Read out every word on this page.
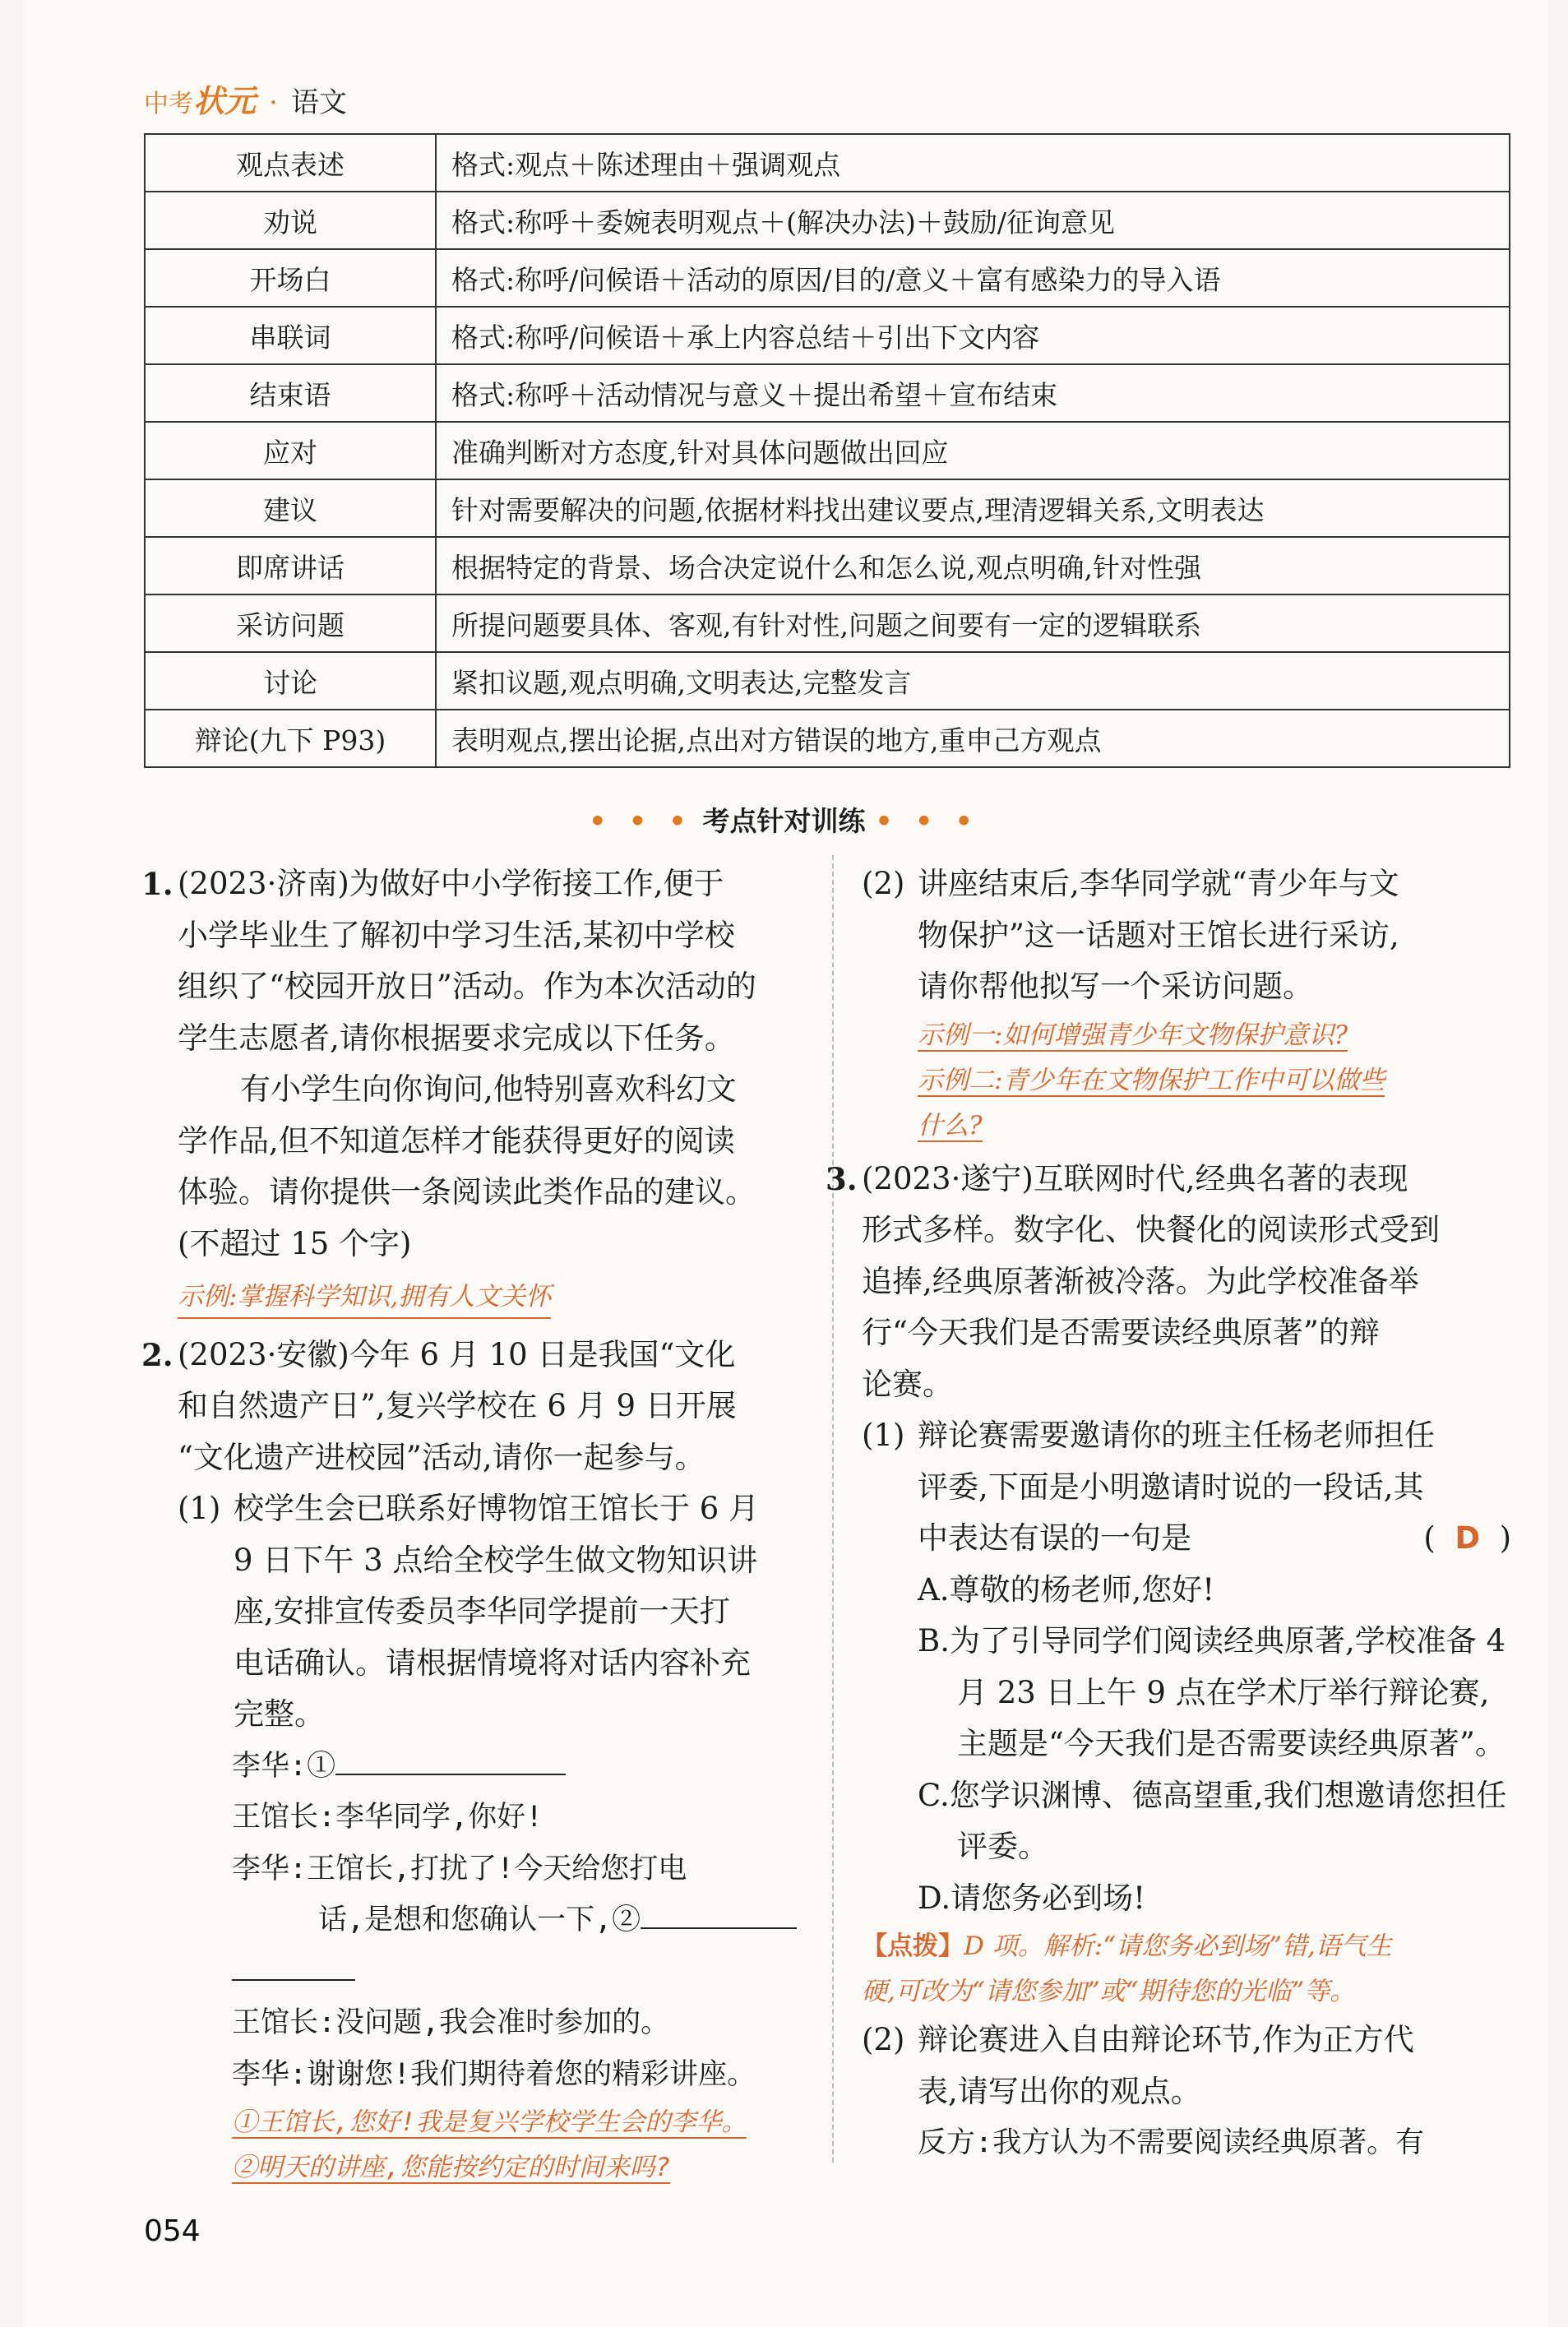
中考状元 · 语文
观点表述	格式:观点＋陈述理由＋强调观点
劝说	格式:称呼＋委婉表明观点＋(解决办法)＋鼓励/征询意见
开场白	格式:称呼/问候语＋活动的原因/目的/意义＋富有感染力的导入语
串联词	格式:称呼/问候语＋承上内容总结＋引出下文内容
结束语	格式:称呼＋活动情况与意义＋提出希望＋宣布结束
应对	准确判断对方态度,针对具体问题做出回应
建议	针对需要解决的问题,依据材料找出建议要点,理清逻辑关系,文明表达
即席讲话	根据特定的背景、场合决定说什么和怎么说,观点明确,针对性强
采访问题	所提问题要具体、客观,有针对性,问题之间要有一定的逻辑联系
讨论	紧扣议题,观点明确,文明表达,完整发言
辩论(九下 P93)	表明观点,摆出论据,点出对方错误的地方,重申己方观点
• • • 考点针对训练 • • •
1. (2023·济南)为做好中小学衔接工作,便于
小学毕业生了解初中学习生活,某初中学校
组织了“校园开放日”活动。作为本次活动的
学生志愿者,请你根据要求完成以下任务。
有小学生向你询问,他特别喜欢科幻文
学作品,但不知道怎样才能获得更好的阅读
体验。请你提供一条阅读此类作品的建议。
(不超过 15 个字)
示例:掌握科学知识,拥有人文关怀
2. (2023·安徽)今年 6 月 10 日是我国“文化
和自然遗产日”,复兴学校在 6 月 9 日开展
“文化遗产进校园”活动,请你一起参与。
(1) 校学生会已联系好博物馆王馆长于 6 月
9 日下午 3 点给全校学生做文物知识讲
座,安排宣传委员李华同学提前一天打
电话确认。请根据情境将对话内容补充
完整。
李华:①
王馆长:李华同学,你好!
李华:王馆长,打扰了!今天给您打电
话,是想和您确认一下,②
王馆长:没问题,我会准时参加的。
李华:谢谢您!我们期待着您的精彩讲座。
①王馆长,您好!我是复兴学校学生会的李华。
②明天的讲座,您能按约定的时间来吗?
(2) 讲座结束后,李华同学就“青少年与文
物保护”这一话题对王馆长进行采访,
请你帮他拟写一个采访问题。
示例一:如何增强青少年文物保护意识?
示例二:青少年在文物保护工作中可以做些
什么?
3. (2023·遂宁)互联网时代,经典名著的表现
形式多样。数字化、快餐化的阅读形式受到
追捧,经典原著渐被冷落。为此学校准备举
行“今天我们是否需要读经典原著”的辩
论赛。
(1) 辩论赛需要邀请你的班主任杨老师担任
评委,下面是小明邀请时说的一段话,其
中表达有误的一句是	( D )
A.尊敬的杨老师,您好!
B.为了引导同学们阅读经典原著,学校准备 4 月 23 日上午 9 点在学术厅举行辩论赛,主题是“今天我们是否需要读经典原著”。
C.您学识渊博、德高望重,我们想邀请您担任评委。
D.请您务必到场!
【点拨】D 项。解析:“请您务必到场”错,语气生
硬,可改为“请您参加”或“期待您的光临”等。
(2) 辩论赛进入自由辩论环节,作为正方代
表,请写出你的观点。
反方:我方认为不需要阅读经典原著。有
054
